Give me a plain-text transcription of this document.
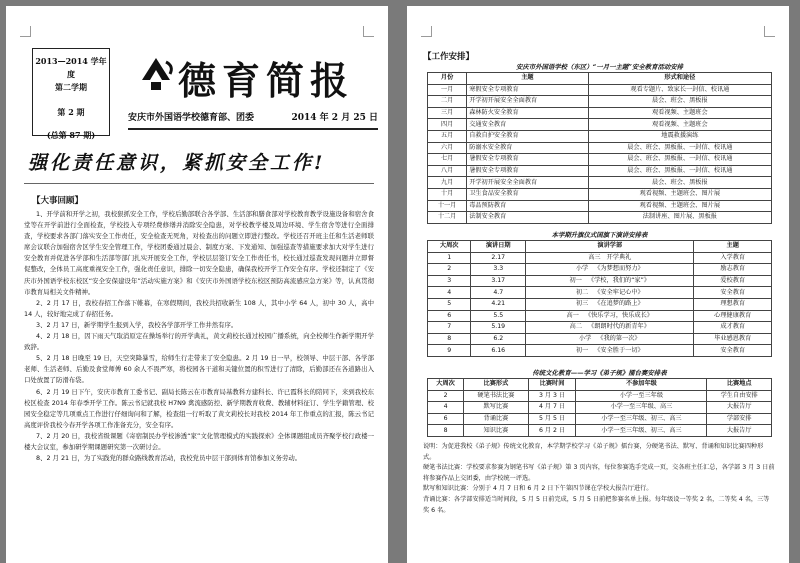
2013—2014 学年度
第二学期
第 2 期
(总第 87 期)
德育简报
安庆市外国语学校德育部、团委	2014 年 2 月 25 日
强化责任意识，紧抓安全工作!
【大事回顾】

1、开学前和开学之初，我校狠抓安全工作，学校后勤部联合各学部、生活部和膳食部对学校教育教学设施设备和宿舍食堂等在开学前进行全面检查，学校投入专项经费修缮并消除安全隐患，对学校教学楼及周边环境、学生宿舍等进行全面排查，学校要求各部门落实安全工作责任，安全检查无死角，对检查出的问题立即进行整改。学校还召开班主任和生活老师联席会议联合加强宿舍区学生安全管理工作，学校团委通过晨会、制度方案、下发通知、加强巡查等措施要求加大对学生进行安全教育并促进各学部和生活部等部门扎实开展安全工作，学校层层签订安全工作责任书，校长通过巡查发现问题并立即督促整改，全体员工高度重视安全工作，强化责任意识，排除一切安全隐患，确保我校开学工作安全有序。学校还制定了《安庆市外国语学校东校区“安全安保建设年”活动实施方案》和《安庆市外国语学校东校区预防高流感应急方案》等，认真贯彻市教育局相关文件精神。

2、2 月 17 日，我校春招工作落下帷幕，在寒假期间，我校共招收新生 108 人，其中小学 64 人，初中 30 人，高中 14 人，较好地完成了春招任务。

3、2 月 17 日，新学期学生报到入学，我校各学部开学工作井然有序。

4、2 月 18 日，因下雨天气取消原定在操场举行的开学典礼，黄文莉校长通过校园广播系统，向全校师生作新学期开学致辞。

5、2 月 18 日晚至 19 日，天空突降暴雪，给师生行走带来了安全隐患。2 月 19 日一早，校领导、中层干部、各学部老师、生活老师、后勤及食堂师傅 60 余人不畏严寒，将校园各干道和关键位置的积雪进行了清除，后勤部还在各道路出入口处放置了防滑布袋。

6、2 月 19 日下午，安庆市教育工委书记、副局长陈云在市教育局基教科方建科长、许已霞科长的陪同下，来到我校东校区检查 2014 年春季开学工作。陈云书记就我校 H7N9 禽流感防控、新学期教育收费、教辅材料征订、学生学籍管理、校园安全稳定等几项重点工作进行仔细询问和了解，检查组一行听取了黄文莉校长对我校 2014 年工作重点的汇报，陈云书记高度评价我校今春开学各项工作准备充分，安全有序。

7、2 月 20 日，我校省级课题《寄宿制民办学校渗透“家”文化管理模式的实践探索》全体课题组成员齐聚学校行政楼一楼大会议室，参加研学期课题研究第一次研讨会。

8、2 月 21 日，为了实践党的群众路线教育活动，我校党员中层干部到体育馆参加义务劳动。

【工作安排】
安庆市外国语学校（东区）“一月一主题”安全教育活动安排
月份	主题	形式和途径
一月	寒假安全专项教育	观看专题片、致家长一封信、校讯通
二月	开学初开展安全全面教育	晨会、班会、黑板报
三月	森林防火安全教育	观看视频、主题班会
四月	交通安全教育	观看视频、主题班会
五月	自救自护安全教育	地震救援演练
六月	防溺水安全教育	晨会、班会、黑板报、一封信、校讯通
七月	暑假安全专项教育	晨会、班会、黑板报、一封信、校讯通
八月	暑假安全专项教育	晨会、班会、黑板报、一封信、校讯通
九月	开学初开展安全全面教育	晨会、班会、黑板报
十月	卫生食品安全教育	观看视频、主题班会、图片展
十一月	毒品预防教育	观看视频、主题班会、图片展
十二月	法制安全教育	法制讲座、图片展、黑板报
本学期升旗仪式国旗下演讲安排表
大周次	演讲日期	演讲学部	主题
1	2.17	高三 开学典礼	入学教育
2	3.3	小学 《为梦想而努力》	励志教育
3	3.17	初一 《学校，我们的“家”》	爱校教育
4	4.7	初二 《安全牢记心中》	安全教育
5	4.21	初三 《在追梦的路上》	理想教育
6	5.5	高一 《快乐学习，快乐成长》	心理健康教育
7	5.19	高二 《朗朗时代的新青年》	成才教育
8	6.2	小学 《我的第一次》	毕业感恩教育
9	6.16	初一 《安全胜于一切》	安全教育
传统文化教育——学习《弟子规》擂台赛安排表
大周次	比赛形式	比赛时间	不参加年级	比赛地点
2	硬笔书法比赛	3 月 3 日	小学一至三年级	学生自由安排
4	默写比赛	4 月 7 日	小学一至三年级、高三	大报告厅
6	背诵比赛	5 月 5 日	小学一至三年级、初三、高三	学部安排
8	知识比赛	6 月 2 日	小学一至三年级、初三、高三	大报告厅

说明：为促进我校《弟子规》传统文化教育，本学期学校学习《弟子规》擂台赛，分硬笔书法、默写、背诵和知识比赛四种形式。

硬笔书法比赛：学校要求参赛为钢笔书写《弟子规》第 3 页内容，每位参赛选手完成一页，交各班主任汇总，各学部 3 月 3 日前将参赛作品上交团委，由学校统一评选。

默写和知识比赛：分别于 4 月 7 日和 6 月 2 日下午第四节课在学校大报告厅进行。

背诵比赛：各学部安排适当时间段，5 月 5 日前完成，5 月 5 日前把参赛名单上报。每年级设一等奖 2 名，二等奖 4 名，三等奖 6 名。
